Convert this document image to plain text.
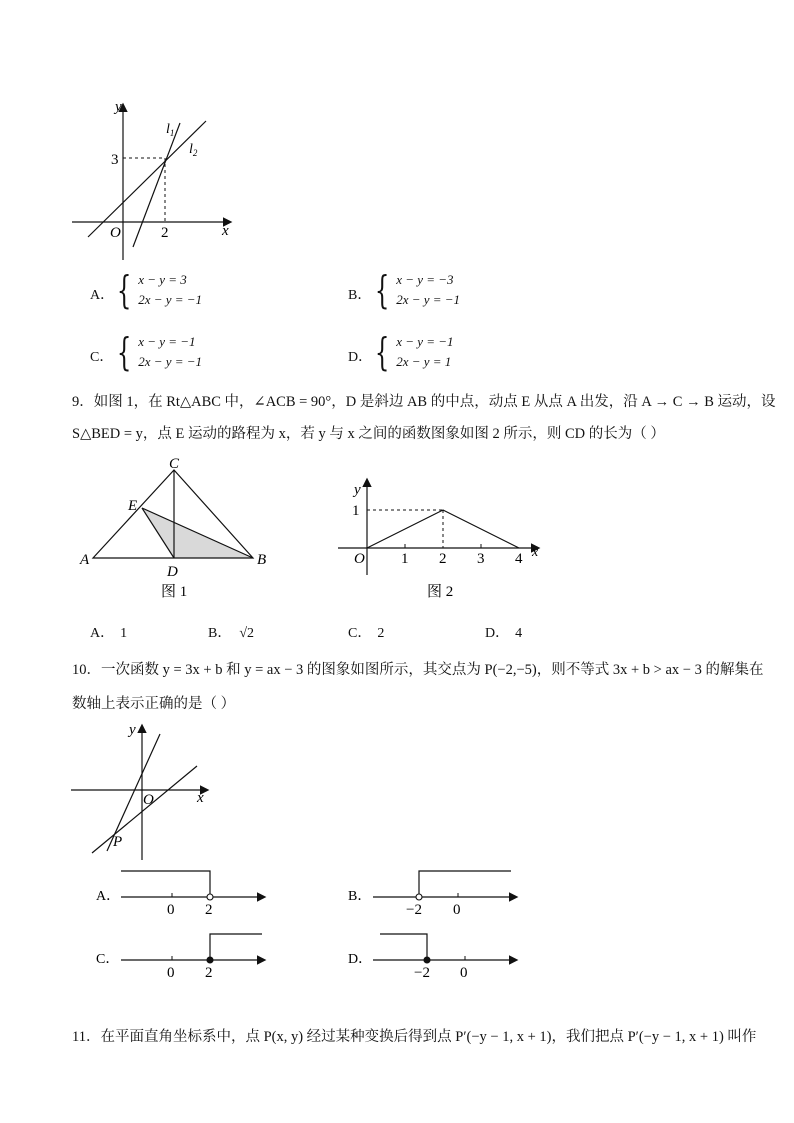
y
x
O
3
2
$l_1$
$l_2$
A． { x − y = 3
2x − y = −1	B． { x − y = −3
2x − y = −1
C． { x − y = −1
2x − y = −1	D． { x − y = −1
2x − y = 1
9．如图 1，在 Rt△ABC 中，∠ACB = 90°，D 是斜边 AB 的中点，动点 E 从点 A 出发，沿 A → C → B 运动，设
S△BED = y，点 E 运动的路程为 x，若 y 与 x 之间的函数图象如图 2 所示，则 CD 的长为（ ）
C
E
A	B
D
图 1
y
x
O
1
1 2 3 4
图 2
A． 1	B． √2	C． 2	D． 4
10．一次函数 y = 3x + b 和 y = ax − 3 的图象如图所示，其交点为 P(−2,−5)，则不等式 3x + b > ax − 3 的解集在
数轴上表示正确的是（ ）
y
x
O
P
A．
0 2
B．
−2 0
C．
0 2
D．
−2 0
11．在平面直角坐标系中，点 P(x, y) 经过某种变换后得到点 P′(−y − 1, x + 1)，我们把点 P′(−y − 1, x + 1) 叫作
